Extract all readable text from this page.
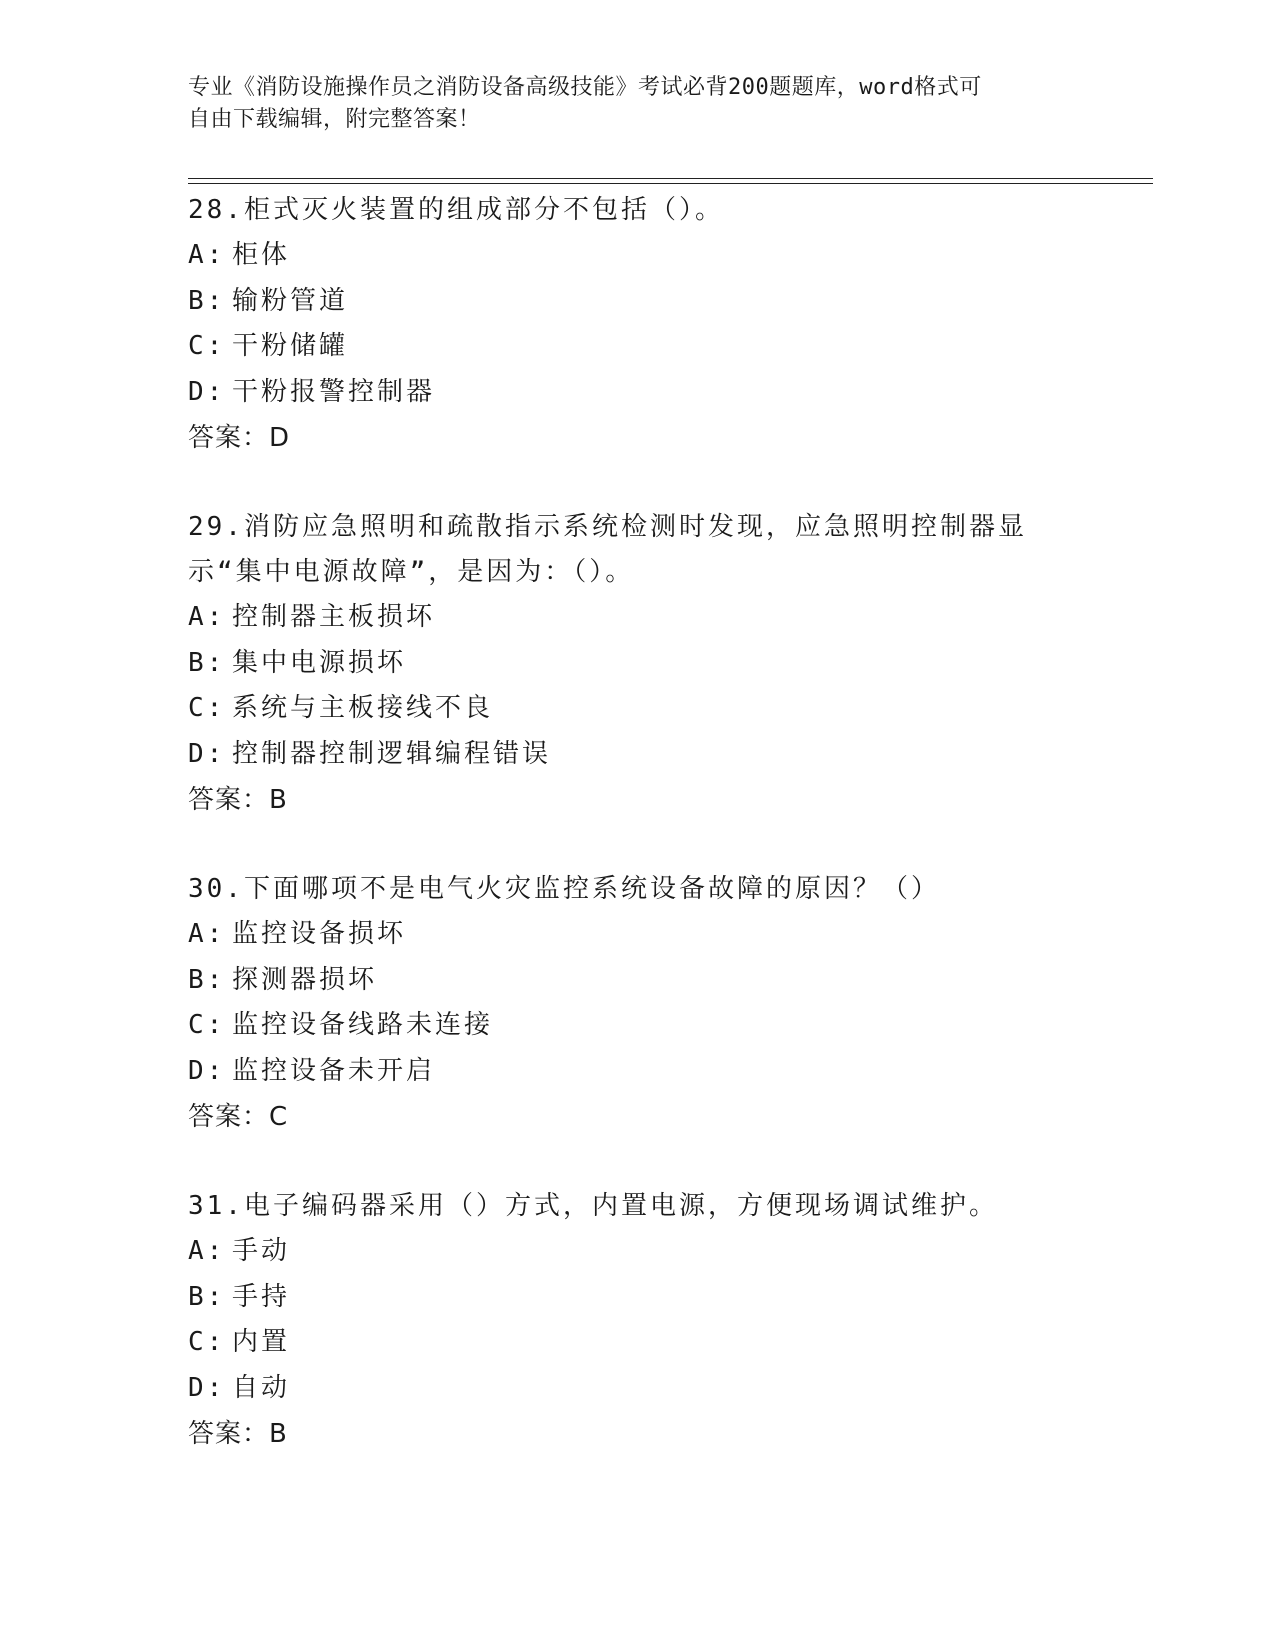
专业《消防设施操作员之消防设备高级技能》考试必背200题题库，word格式可
自由下载编辑，附完整答案！
28.柜式灭火装置的组成部分不包括（）。
A: 柜体
B: 输粉管道
C: 干粉储罐
D: 干粉报警控制器
答案：D
29.消防应急照明和疏散指示系统检测时发现，应急照明控制器显示“集中电源故障”，是因为：（）。
A: 控制器主板损坏
B: 集中电源损坏
C: 系统与主板接线不良
D: 控制器控制逻辑编程错误
答案：B
30.下面哪项不是电气火灾监控系统设备故障的原因？（）
A: 监控设备损坏
B: 探测器损坏
C: 监控设备线路未连接
D: 监控设备未开启
答案：C
31.电子编码器采用（）方式，内置电源，方便现场调试维护。
A: 手动
B: 手持
C: 内置
D: 自动
答案：B
